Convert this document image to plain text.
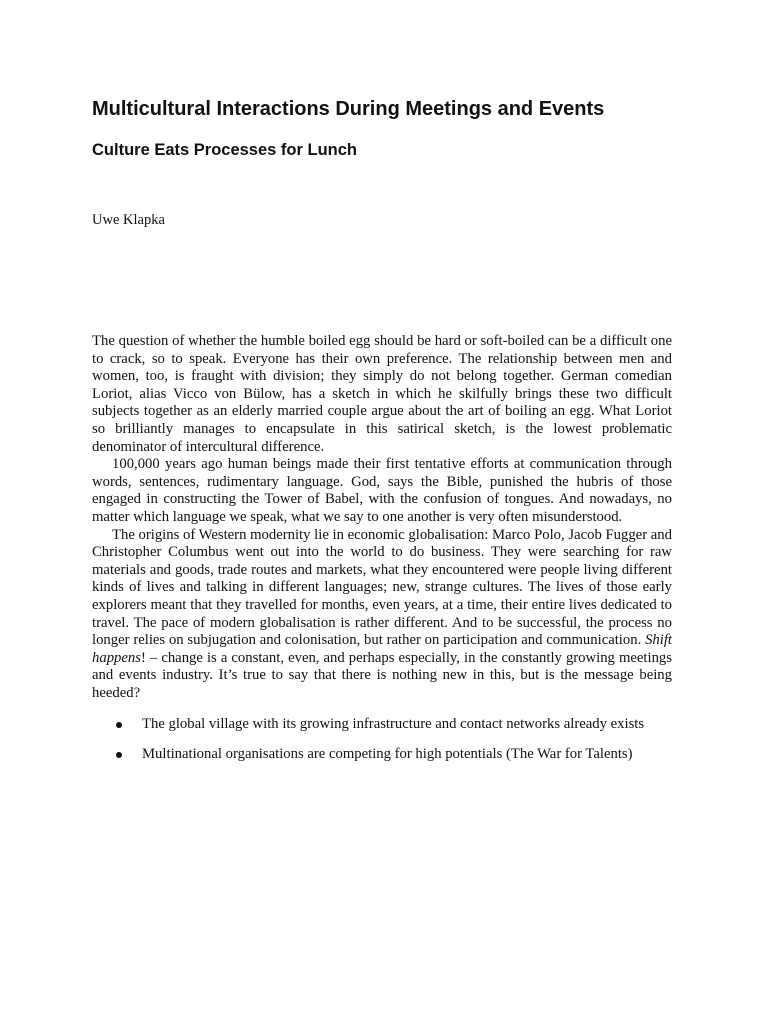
Multicultural Interactions During Meetings and Events
Culture Eats Processes for Lunch
Uwe Klapka

The question of whether the humble boiled egg should be hard or soft-boiled can be a difficult one to crack, so to speak. Everyone has their own preference. The relationship between men and women, too, is fraught with division; they simply do not belong together. German comedian Loriot, alias Vicco von Bülow, has a sketch in which he skilfully brings these two difficult subjects together as an elderly married couple argue about the art of boiling an egg. What Loriot so brilliantly manages to encapsulate in this satirical sketch, is the lowest problematic denominator of intercultural difference.

100,000 years ago human beings made their first tentative efforts at communication through words, sentences, rudimentary language. God, says the Bible, punished the hubris of those engaged in constructing the Tower of Babel, with the confusion of tongues. And nowadays, no matter which language we speak, what we say to one another is very often misunderstood.

The origins of Western modernity lie in economic globalisation: Marco Polo, Jacob Fugger and Christopher Columbus went out into the world to do business. They were searching for raw materials and goods, trade routes and markets, what they encountered were people living different kinds of lives and talking in different languages; new, strange cultures. The lives of those early explorers meant that they travelled for months, even years, at a time, their entire lives dedicated to travel. The pace of modern globalisation is rather different. And to be successful, the process no longer relies on subjugation and colonisation, but rather on participation and communication. Shift happens! – change is a constant, even, and perhaps especially, in the constantly growing meetings and events industry. It’s true to say that there is nothing new in this, but is the message being heeded?

The global village with its growing infrastructure and contact networks already exists
Multinational organisations are competing for high potentials (The War for Talents)
